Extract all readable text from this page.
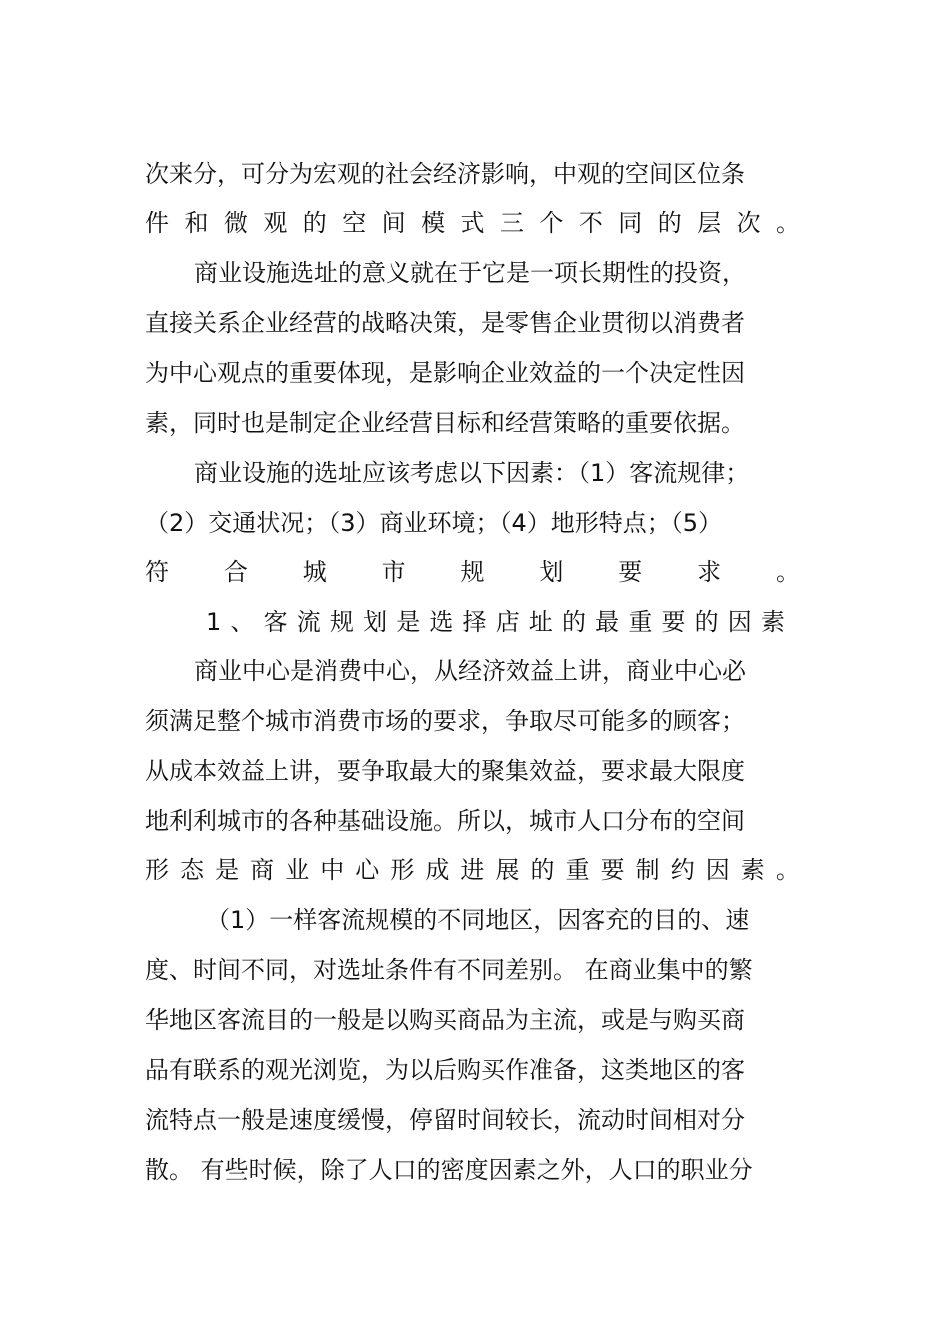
次来分，可分为宏观的社会经济影响，中观的空间区位条
件 和 微 观 的 空 间 模 式 三 个 不 同 的 层 次 。
商业设施选址的意义就在于它是一项长期性的投资，
直接关系企业经营的战略决策，是零售企业贯彻以消费者
为中心观点的重要体现，是影响企业效益的一个决定性因
素，同时也是制定企业经营目标和经营策略的重要依据。
商业设施的选址应该考虑以下因素：（1）客流规律；
（2）交通状况；（3）商业环境；（4）地形特点；（5）
符 合 城 市 规 划 要 求 。
1 、 客 流 规 划 是 选 择 店 址 的 最 重 要 的 因 素
商业中心是消费中心，从经济效益上讲，商业中心必
须满足整个城市消费市场的要求，争取尽可能多的顾客；
从成本效益上讲，要争取最大的聚集效益，要求最大限度
地利利城市的各种基础设施。所以，城市人口分布的空间
形 态 是 商 业 中 心 形 成 进 展 的 重 要 制 约 因 素 。
（1）一样客流规模的不同地区，因客充的目的、速
度、时间不同，对选址条件有不同差别。 在商业集中的繁
华地区客流目的一般是以购买商品为主流，或是与购买商
品有联系的观光浏览，为以后购买作准备，这类地区的客
流特点一般是速度缓慢，停留时间较长，流动时间相对分
散。 有些时候，除了人口的密度因素之外，人口的职业分
